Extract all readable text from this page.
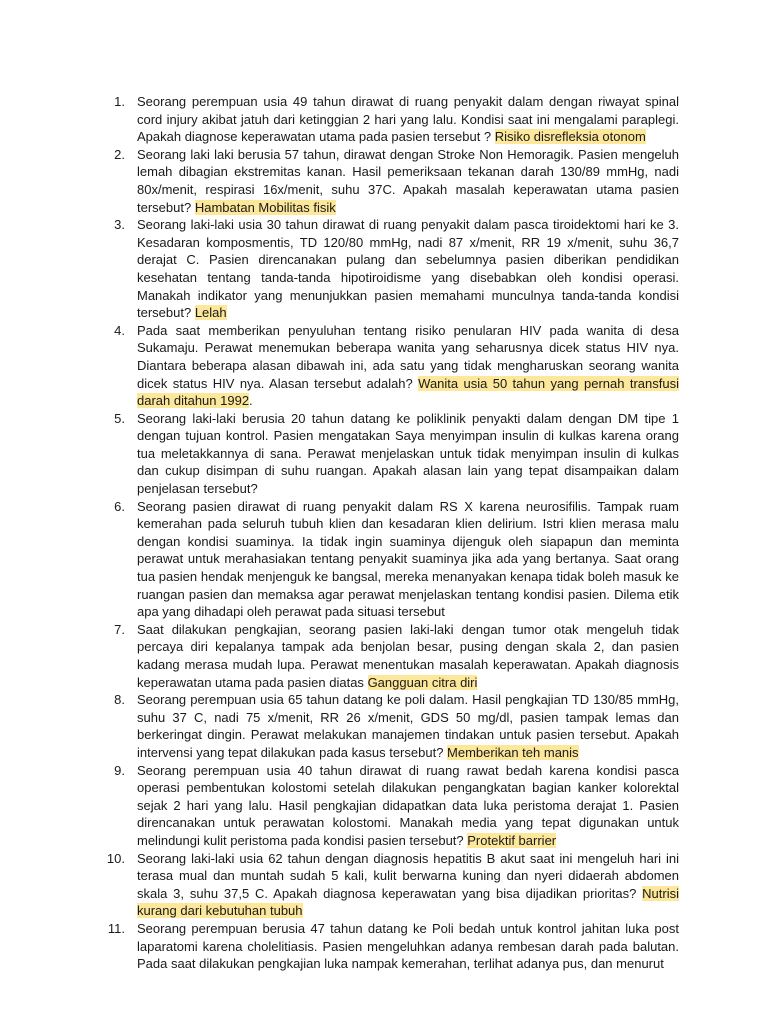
1. Seorang perempuan usia 49 tahun dirawat di ruang penyakit dalam dengan riwayat spinal cord injury akibat jatuh dari ketinggian 2 hari yang lalu. Kondisi saat ini mengalami paraplegi. Apakah diagnose keperawatan utama pada pasien tersebut ? Risiko disrefleksia otonom
2. Seorang laki laki berusia 57 tahun, dirawat dengan Stroke Non Hemoragik. Pasien mengeluh lemah dibagian ekstremitas kanan. Hasil pemeriksaan tekanan darah 130/89 mmHg, nadi 80x/menit, respirasi 16x/menit, suhu 37C. Apakah masalah keperawatan utama pasien tersebut? Hambatan Mobilitas fisik
3. Seorang laki-laki usia 30 tahun dirawat di ruang penyakit dalam pasca tiroidektomi hari ke 3. Kesadaran komposmentis, TD 120/80 mmHg, nadi 87 x/menit, RR 19 x/menit, suhu 36,7 derajat C. Pasien direncanakan pulang dan sebelumnya pasien diberikan pendidikan kesehatan tentang tanda-tanda hipotiroidisme yang disebabkan oleh kondisi operasi. Manakah indikator yang menunjukkan pasien memahami munculnya tanda-tanda kondisi tersebut? Lelah
4. Pada saat memberikan penyuluhan tentang risiko penularan HIV pada wanita di desa Sukamaju. Perawat menemukan beberapa wanita yang seharusnya dicek status HIV nya. Diantara beberapa alasan dibawah ini, ada satu yang tidak mengharuskan seorang wanita dicek status HIV nya. Alasan tersebut adalah? Wanita usia 50 tahun yang pernah transfusi darah ditahun 1992.
5. Seorang laki-laki berusia 20 tahun datang ke poliklinik penyakti dalam dengan DM tipe 1 dengan tujuan kontrol. Pasien mengatakan Saya menyimpan insulin di kulkas karena orang tua meletakkannya di sana. Perawat menjelaskan untuk tidak menyimpan insulin di kulkas dan cukup disimpan di suhu ruangan. Apakah alasan lain yang tepat disampaikan dalam penjelasan tersebut?
6. Seorang pasien dirawat di ruang penyakit dalam RS X karena neurosifilis. Tampak ruam kemerahan pada seluruh tubuh klien dan kesadaran klien delirium. Istri klien merasa malu dengan kondisi suaminya. Ia tidak ingin suaminya dijenguk oleh siapapun dan meminta perawat untuk merahasiakan tentang penyakit suaminya jika ada yang bertanya. Saat orang tua pasien hendak menjenguk ke bangsal, mereka menanyakan kenapa tidak boleh masuk ke ruangan pasien dan memaksa agar perawat menjelaskan tentang kondisi pasien. Dilema etik apa yang dihadapi oleh perawat pada situasi tersebut
7. Saat dilakukan pengkajian, seorang pasien laki-laki dengan tumor otak mengeluh tidak percaya diri kepalanya tampak ada benjolan besar, pusing dengan skala 2, dan pasien kadang merasa mudah lupa. Perawat menentukan masalah keperawatan. Apakah diagnosis keperawatan utama pada pasien diatas Gangguan citra diri
8. Seorang perempuan usia 65 tahun datang ke poli dalam. Hasil pengkajian TD 130/85 mmHg, suhu 37 C, nadi 75 x/menit, RR 26 x/menit, GDS 50 mg/dl, pasien tampak lemas dan berkeringat dingin. Perawat melakukan manajemen tindakan untuk pasien tersebut. Apakah intervensi yang tepat dilakukan pada kasus tersebut? Memberikan teh manis
9. Seorang perempuan usia 40 tahun dirawat di ruang rawat bedah karena kondisi pasca operasi pembentukan kolostomi setelah dilakukan pengangkatan bagian kanker kolorektal sejak 2 hari yang lalu. Hasil pengkajian didapatkan data luka peristoma derajat 1. Pasien direncanakan untuk perawatan kolostomi. Manakah media yang tepat digunakan untuk melindungi kulit peristoma pada kondisi pasien tersebut? Protektif barrier
10. Seorang laki-laki usia 62 tahun dengan diagnosis hepatitis B akut saat ini mengeluh hari ini terasa mual dan muntah sudah 5 kali, kulit berwarna kuning dan nyeri didaerah abdomen skala 3, suhu 37,5 C. Apakah diagnosa keperawatan yang bisa dijadikan prioritas? Nutrisi kurang dari kebutuhan tubuh
11. Seorang perempuan berusia 47 tahun datang ke Poli bedah untuk kontrol jahitan luka post laparatomi karena cholelitiasis. Pasien mengeluhkan adanya rembesan darah pada balutan. Pada saat dilakukan pengkajian luka nampak kemerahan, terlihat adanya pus, dan menurut
